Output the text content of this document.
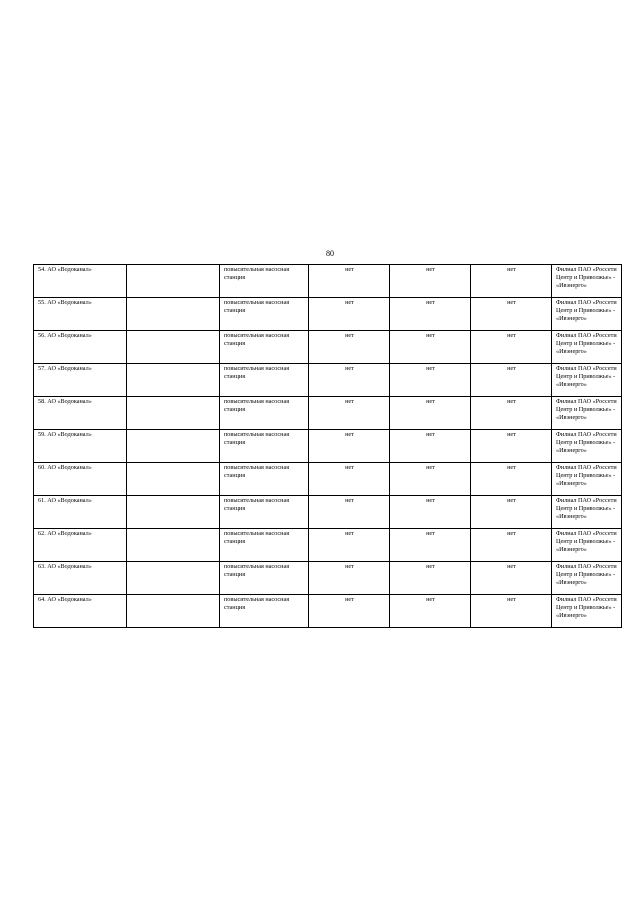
80
54. АО «Водоканал»		повысительная насосная станция	нет	нет	нет	Филиал ПАО «Россети Центр и Приволжье» - «Ивэнерго»
55. АО «Водоканал»		повысительная насосная станция	нет	нет	нет	Филиал ПАО «Россети Центр и Приволжье» - «Ивэнерго»
56. АО «Водоканал»		повысительная насосная станция	нет	нет	нет	Филиал ПАО «Россети Центр и Приволжье» - «Ивэнерго»
57. АО «Водоканал»		повысительная насосная станция	нет	нет	нет	Филиал ПАО «Россети Центр и Приволжье» - «Ивэнерго»
58. АО «Водоканал»		повысительная насосная станция	нет	нет	нет	Филиал ПАО «Россети Центр и Приволжье» - «Ивэнерго»
59. АО «Водоканал»		повысительная насосная станция	нет	нет	нет	Филиал ПАО «Россети Центр и Приволжье» - «Ивэнерго»
60. АО «Водоканал»		повысительная насосная станция	нет	нет	нет	Филиал ПАО «Россети Центр и Приволжье» - «Ивэнерго»
61. АО «Водоканал»		повысительная насосная станция	нет	нет	нет	Филиал ПАО «Россети Центр и Приволжье» - «Ивэнерго»
62. АО «Водоканал»		повысительная насосная станция	нет	нет	нет	Филиал ПАО «Россети Центр и Приволжье» - «Ивэнерго»
63. АО «Водоканал»		повысительная насосная станция	нет	нет	нет	Филиал ПАО «Россети Центр и Приволжье» - «Ивэнерго»
64. АО «Водоканал»		повысительная насосная станция	нет	нет	нет	Филиал ПАО «Россети Центр и Приволжье» - «Ивэнерго»
